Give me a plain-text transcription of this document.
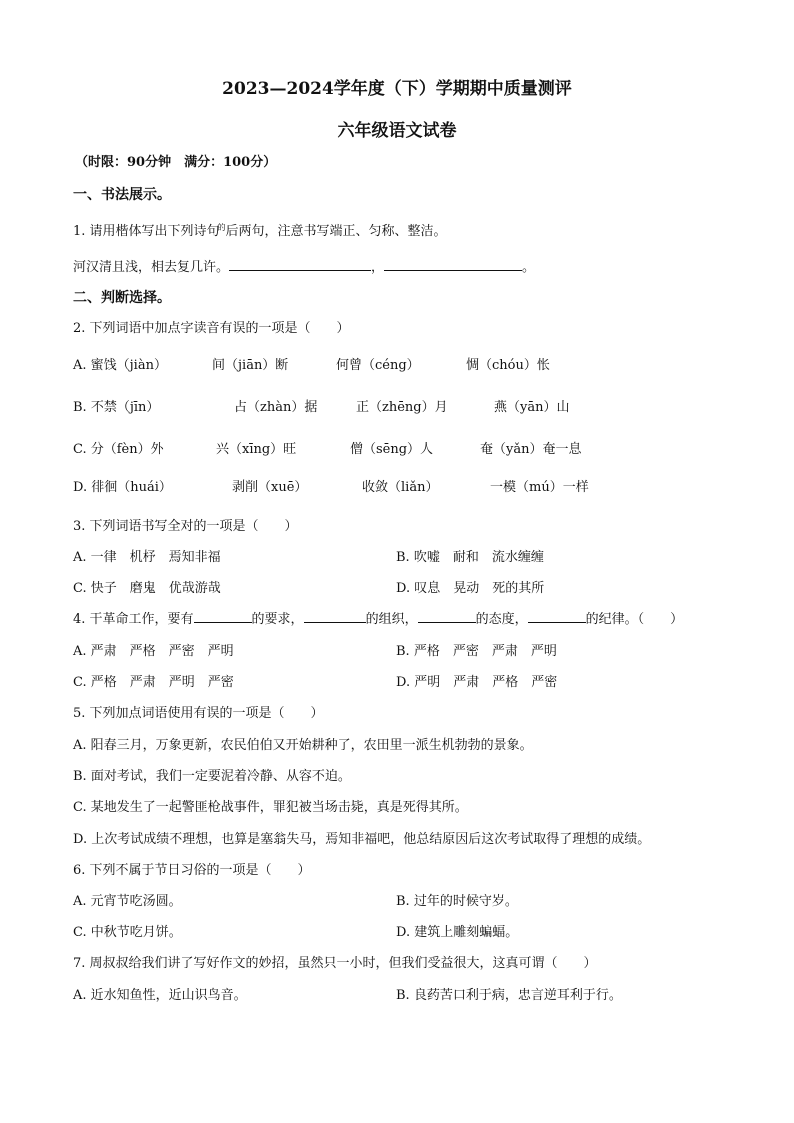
2023—2024学年度（下）学期期中质量测评
六年级语文试卷
（时限：90分钟　满分：100分）
一、书法展示。
1. 请用楷体写出下列诗句$^的$后两句，注意书写端正、匀称、整洁。
河汉清且浅，相去复几许。	，	。
二、判断选择。
2. 下列词语中加点字读音有误的一项是（　　）
A. 蜜饯（jiàn）	间（jiān）断	何曾（céng）	惆（chóu）怅
B. 不禁（jīn）	占（zhàn）据	正（zhēng）月	燕（yān）山
C. 分（fèn）外	兴（xīng）旺	僧（sēng）人	奄（yǎn）奄一息
D. 徘徊（huái）	剥削（xuē）	收敛（liǎn）	一模（mú）一样
3. 下列词语书写全对的一项是（　　）
A. 一律　机杼　焉知非福	B. 吹嘘　耐和　流水缠缠
C. 快子　磨鬼　优哉游哉	D. 叹息　晃动　死的其所
4. 干革命工作，要有	的要求，	的组织，	的态度，	的纪律。（　　）
A. 严肃　严格　严密　严明	B. 严格　严密　严肃　严明
C. 严格　严肃　严明　严密	D. 严明　严肃　严格　严密
5. 下列加点词语使用有误的一项是（　　）
A. 阳春三月，万象更新，农民伯伯又开始耕种了，农田里一派生机勃勃的景象。
B. 面对考试，我们一定要泥着冷静、从容不迫。
C. 某地发生了一起警匪枪战事件，罪犯被当场击毙，真是死得其所。
D. 上次考试成绩不理想，也算是塞翁失马，焉知非福吧，他总结原因后这次考试取得了理想的成绩。
6. 下列不属于节日习俗的一项是（　　）
A. 元宵节吃汤圆。	B. 过年的时候守岁。
C. 中秋节吃月饼。	D. 建筑上雕刻蝙蝠。
7. 周叔叔给我们讲了写好作文的妙招，虽然只一小时，但我们受益很大，这真可谓（　　）
A. 近水知鱼性，近山识鸟音。	B. 良药苦口利于病，忠言逆耳利于行。
